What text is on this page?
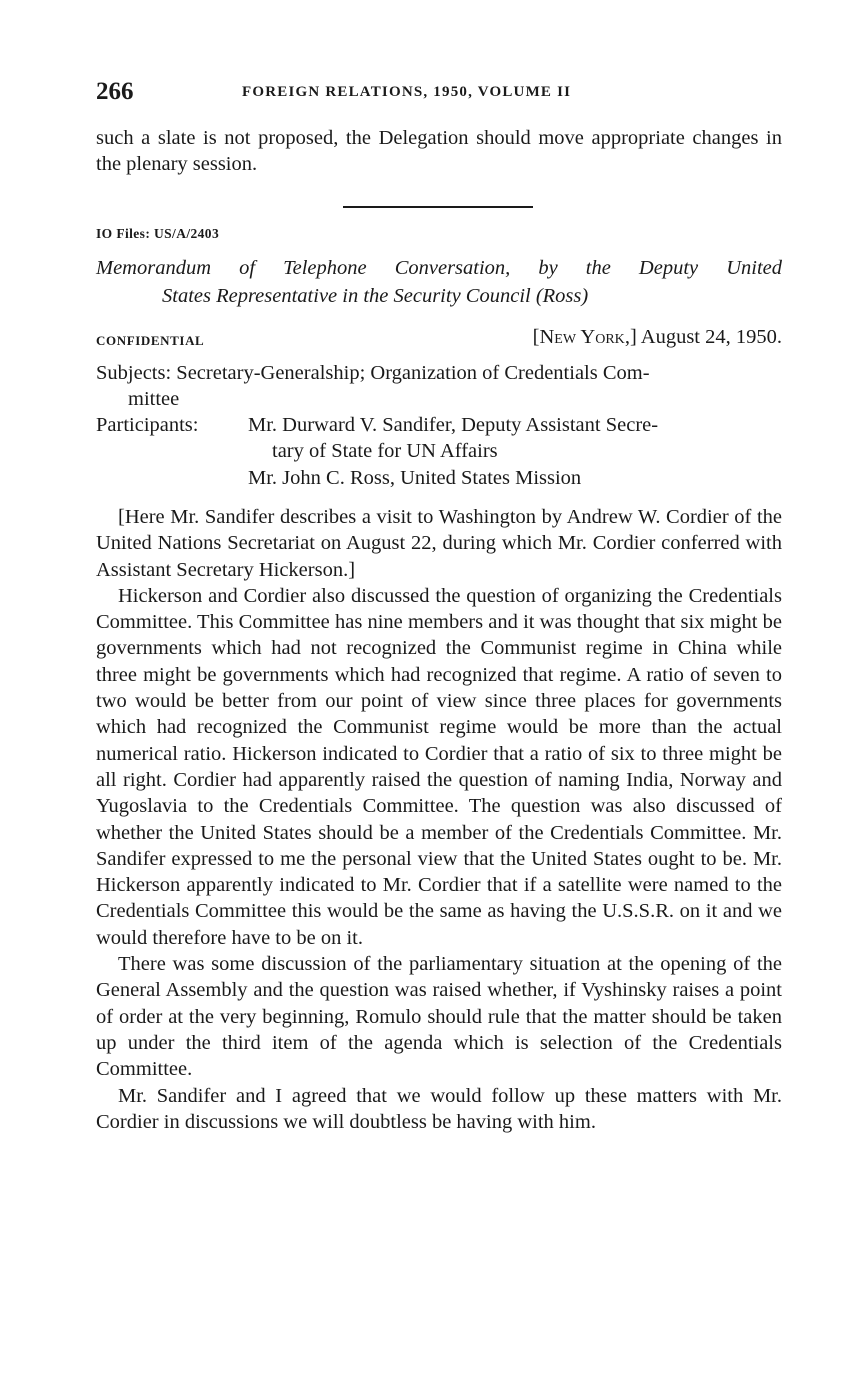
266	FOREIGN RELATIONS, 1950, VOLUME II

such a slate is not proposed, the Delegation should move appropriate changes in the plenary session.

IO Files: US/A/2403
Memorandum of Telephone Conversation, by the Deputy United
States Representative in the Security Council (Ross)
CONFIDENTIAL	[New York,] August 24, 1950.
Subjects: Secretary-Generalship; Organization of Credentials Com-
mittee
Participants: Mr. Durward V. Sandifer, Deputy Assistant Secre-
tary of State for UN Affairs
Mr. John C. Ross, United States Mission

[Here Mr. Sandifer describes a visit to Washington by Andrew W. Cordier of the United Nations Secretariat on August 22, during which Mr. Cordier conferred with Assistant Secretary Hickerson.]

Hickerson and Cordier also discussed the question of organizing the Credentials Committee. This Committee has nine members and it was thought that six might be governments which had not recognized the Communist regime in China while three might be governments which had recognized that regime. A ratio of seven to two would be better from our point of view since three places for governments which had recognized the Communist regime would be more than the actual numerical ratio. Hickerson indicated to Cordier that a ratio of six to three might be all right. Cordier had apparently raised the question of naming India, Norway and Yugoslavia to the Credentials Committee. The question was also discussed of whether the United States should be a member of the Credentials Committee. Mr. Sandifer expressed to me the personal view that the United States ought to be. Mr. Hickerson apparently indicated to Mr. Cordier that if a satellite were named to the Credentials Committee this would be the same as having the U.S.S.R. on it and we would therefore have to be on it.

There was some discussion of the parliamentary situation at the opening of the General Assembly and the question was raised whether, if Vyshinsky raises a point of order at the very beginning, Romulo should rule that the matter should be taken up under the third item of the agenda which is selection of the Credentials Committee.

Mr. Sandifer and I agreed that we would follow up these matters with Mr. Cordier in discussions we will doubtless be having with him.
